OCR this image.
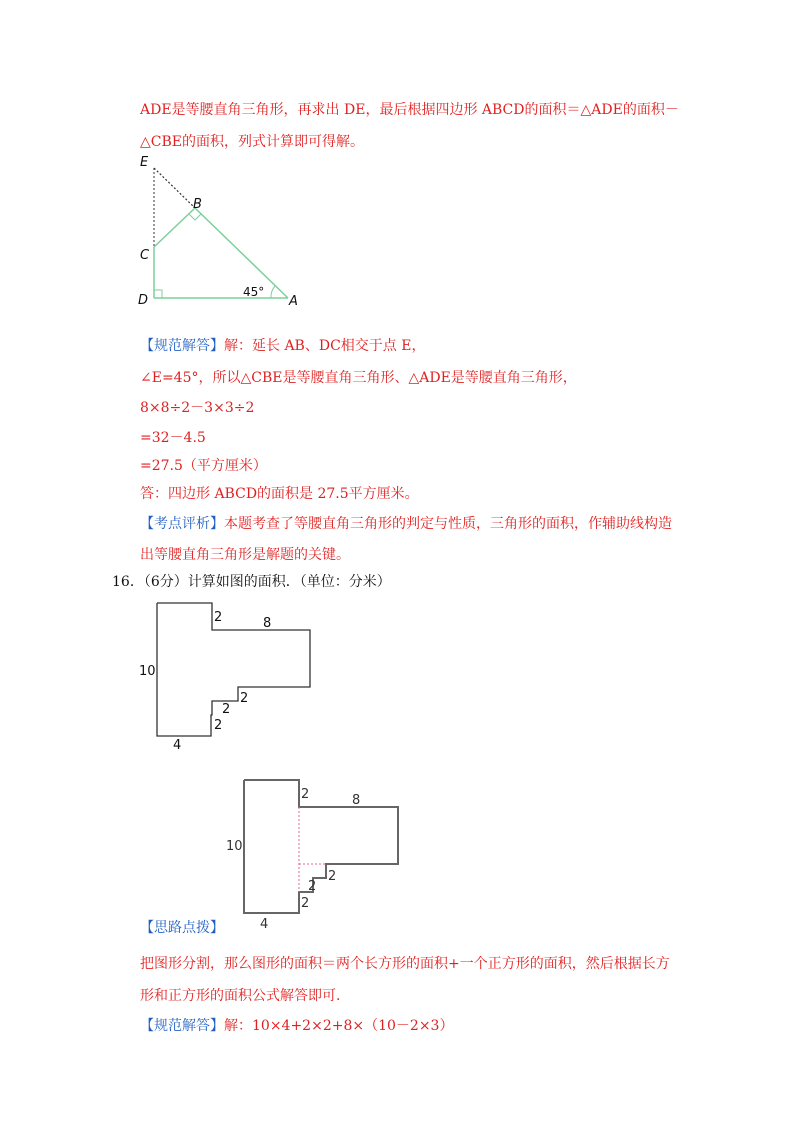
ADE是等腰直角三角形，再求出 DE，最后根据四边形 ABCD的面积＝△ADE的面积－
△CBE的面积，列式计算即可得解。
E
B
C
D	A
45°
【规范解答】解：延长 AB、DC相交于点 E，
∠E=45°，所以△CBE是等腰直角三角形、△ADE是等腰直角三角形，
8×8÷2－3×3÷2
=32－4.5
=27.5（平方厘米）
答：四边形 ABCD的面积是 27.5平方厘米。
【考点评析】本题考查了等腰直角三角形的判定与性质，三角形的面积，作辅助线构造
出等腰直角三角形是解题的关键。
16．（6分）计算如图的面积．（单位：分米）
10
4
8
2
2
2
2
10
4
8
2
2
2
2
【思路点拨】
把图形分割，那么图形的面积＝两个长方形的面积+一个正方形的面积，然后根据长方
形和正方形的面积公式解答即可.
【规范解答】解：10×4+2×2+8×（10－2×3）
